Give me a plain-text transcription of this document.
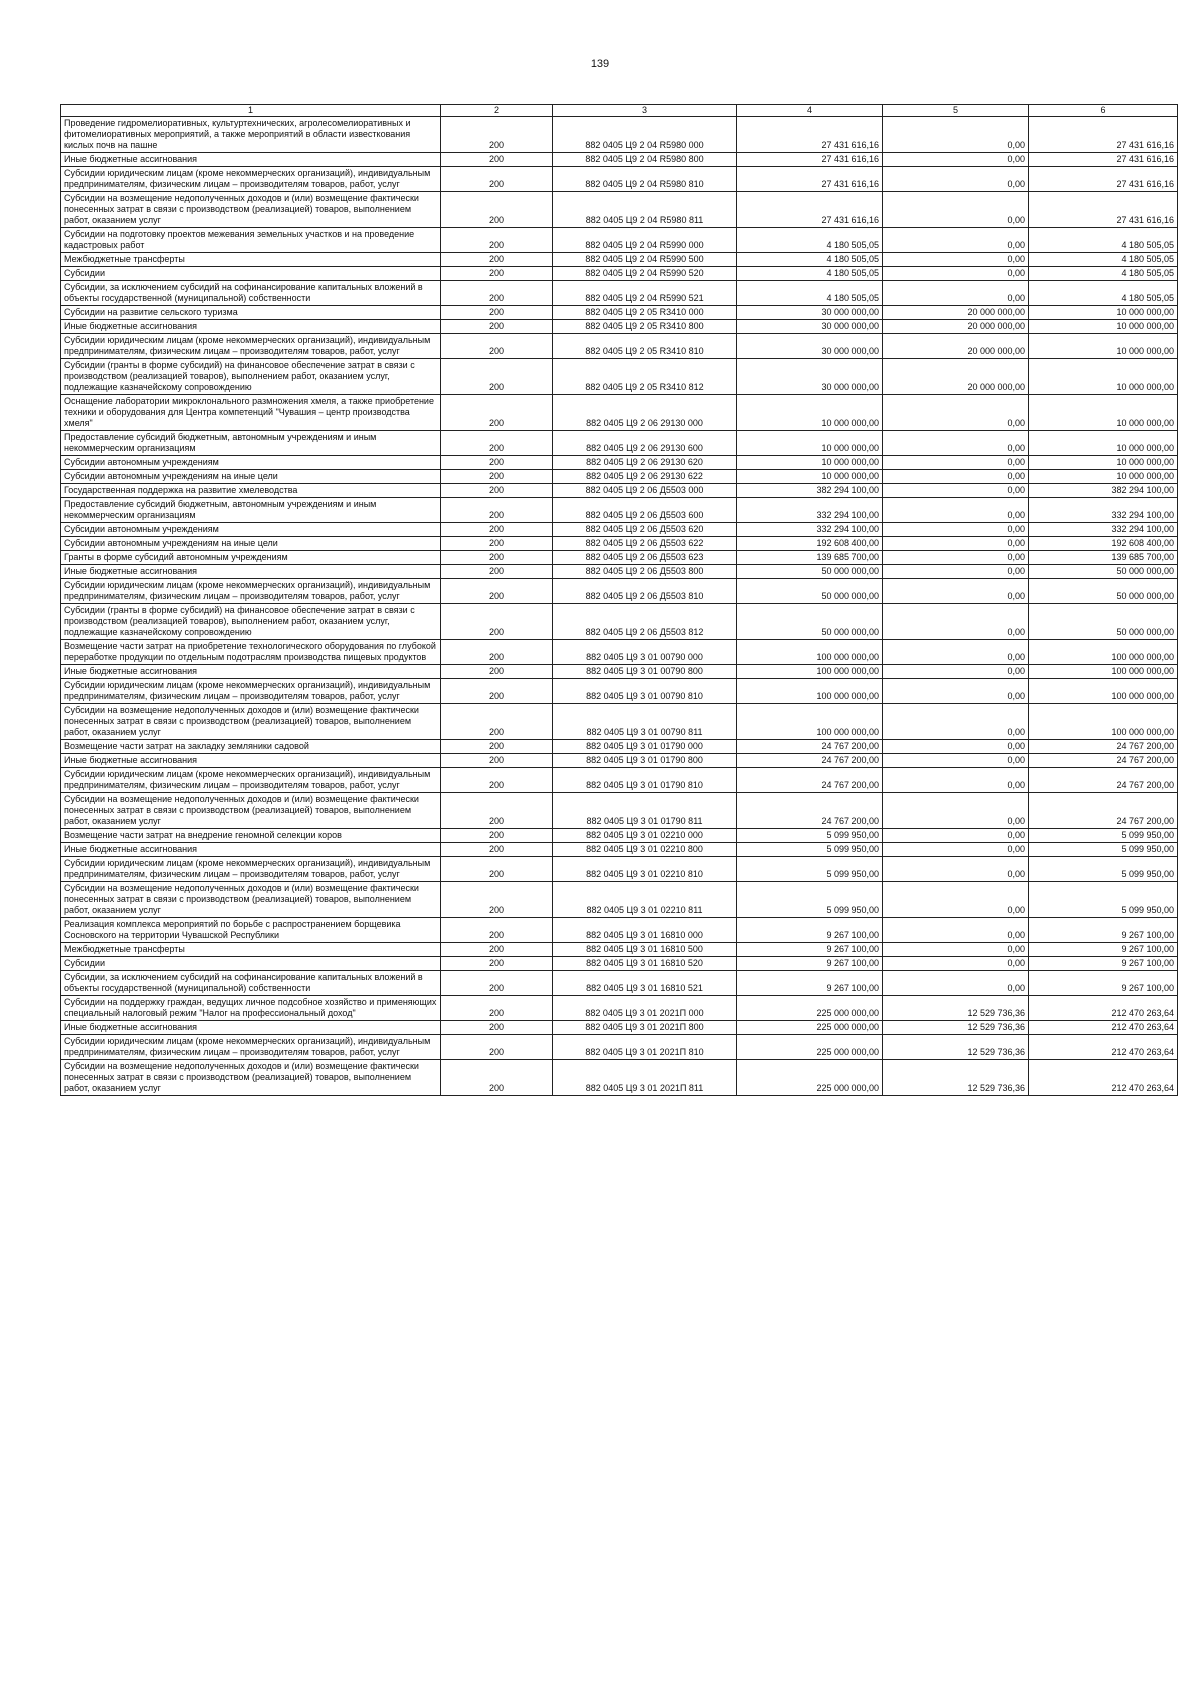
139
1	2	3	4	5	6
Проведение гидромелиоративных, культуртехнических, агролесомелиоративных и фитомелиоративных мероприятий, а также мероприятий в области известкования кислых почв на пашне	200	882 0405 Ц9 2 04 R5980 000	27 431 616,16	0,00	27 431 616,16
Иные бюджетные ассигнования	200	882 0405 Ц9 2 04 R5980 800	27 431 616,16	0,00	27 431 616,16
Субсидии юридическим лицам (кроме некоммерческих организаций), индивидуальным предпринимателям, физическим лицам – производителям товаров, работ, услуг	200	882 0405 Ц9 2 04 R5980 810	27 431 616,16	0,00	27 431 616,16
Субсидии на возмещение недополученных доходов и (или) возмещение фактически понесенных затрат в связи с производством (реализацией) товаров, выполнением работ, оказанием услуг	200	882 0405 Ц9 2 04 R5980 811	27 431 616,16	0,00	27 431 616,16
Субсидии на подготовку проектов межевания земельных участков и на проведение кадастровых работ	200	882 0405 Ц9 2 04 R5990 000	4 180 505,05	0,00	4 180 505,05
Межбюджетные трансферты	200	882 0405 Ц9 2 04 R5990 500	4 180 505,05	0,00	4 180 505,05
Субсидии	200	882 0405 Ц9 2 04 R5990 520	4 180 505,05	0,00	4 180 505,05
Субсидии, за исключением субсидий на софинансирование капитальных вложений в объекты государственной (муниципальной) собственности	200	882 0405 Ц9 2 04 R5990 521	4 180 505,05	0,00	4 180 505,05
Субсидии на развитие сельского туризма	200	882 0405 Ц9 2 05 R3410 000	30 000 000,00	20 000 000,00	10 000 000,00
Иные бюджетные ассигнования	200	882 0405 Ц9 2 05 R3410 800	30 000 000,00	20 000 000,00	10 000 000,00
Субсидии юридическим лицам (кроме некоммерческих организаций), индивидуальным предпринимателям, физическим лицам – производителям товаров, работ, услуг	200	882 0405 Ц9 2 05 R3410 810	30 000 000,00	20 000 000,00	10 000 000,00
Субсидии (гранты в форме субсидий) на финансовое обеспечение затрат в связи с производством (реализацией товаров), выполнением работ, оказанием услуг, подлежащие казначейскому сопровождению	200	882 0405 Ц9 2 05 R3410 812	30 000 000,00	20 000 000,00	10 000 000,00
Оснащение лаборатории микроклонального размножения хмеля, а также приобретение техники и оборудования для Центра компетенций "Чувашия – центр производства хмеля"	200	882 0405 Ц9 2 06 29130 000	10 000 000,00	0,00	10 000 000,00
Предоставление субсидий бюджетным, автономным учреждениям и иным некоммерческим организациям	200	882 0405 Ц9 2 06 29130 600	10 000 000,00	0,00	10 000 000,00
Субсидии автономным учреждениям	200	882 0405 Ц9 2 06 29130 620	10 000 000,00	0,00	10 000 000,00
Субсидии автономным учреждениям на иные цели	200	882 0405 Ц9 2 06 29130 622	10 000 000,00	0,00	10 000 000,00
Государственная поддержка на развитие хмелеводства	200	882 0405 Ц9 2 06 Д5503 000	382 294 100,00	0,00	382 294 100,00
Предоставление субсидий бюджетным, автономным учреждениям и иным некоммерческим организациям	200	882 0405 Ц9 2 06 Д5503 600	332 294 100,00	0,00	332 294 100,00
Субсидии автономным учреждениям	200	882 0405 Ц9 2 06 Д5503 620	332 294 100,00	0,00	332 294 100,00
Субсидии автономным учреждениям на иные цели	200	882 0405 Ц9 2 06 Д5503 622	192 608 400,00	0,00	192 608 400,00
Гранты в форме субсидий автономным учреждениям	200	882 0405 Ц9 2 06 Д5503 623	139 685 700,00	0,00	139 685 700,00
Иные бюджетные ассигнования	200	882 0405 Ц9 2 06 Д5503 800	50 000 000,00	0,00	50 000 000,00
Субсидии юридическим лицам (кроме некоммерческих организаций), индивидуальным предпринимателям, физическим лицам – производителям товаров, работ, услуг	200	882 0405 Ц9 2 06 Д5503 810	50 000 000,00	0,00	50 000 000,00
Субсидии (гранты в форме субсидий) на финансовое обеспечение затрат в связи с производством (реализацией товаров), выполнением работ, оказанием услуг, подлежащие казначейскому сопровождению	200	882 0405 Ц9 2 06 Д5503 812	50 000 000,00	0,00	50 000 000,00
Возмещение части затрат на приобретение технологического оборудования по глубокой переработке продукции по отдельным подотраслям производства пищевых продуктов	200	882 0405 Ц9 3 01 00790 000	100 000 000,00	0,00	100 000 000,00
Иные бюджетные ассигнования	200	882 0405 Ц9 3 01 00790 800	100 000 000,00	0,00	100 000 000,00
Субсидии юридическим лицам (кроме некоммерческих организаций), индивидуальным предпринимателям, физическим лицам – производителям товаров, работ, услуг	200	882 0405 Ц9 3 01 00790 810	100 000 000,00	0,00	100 000 000,00
Субсидии на возмещение недополученных доходов и (или) возмещение фактически понесенных затрат в связи с производством (реализацией) товаров, выполнением работ, оказанием услуг	200	882 0405 Ц9 3 01 00790 811	100 000 000,00	0,00	100 000 000,00
Возмещение части затрат на закладку земляники садовой	200	882 0405 Ц9 3 01 01790 000	24 767 200,00	0,00	24 767 200,00
Иные бюджетные ассигнования	200	882 0405 Ц9 3 01 01790 800	24 767 200,00	0,00	24 767 200,00
Субсидии юридическим лицам (кроме некоммерческих организаций), индивидуальным предпринимателям, физическим лицам – производителям товаров, работ, услуг	200	882 0405 Ц9 3 01 01790 810	24 767 200,00	0,00	24 767 200,00
Субсидии на возмещение недополученных доходов и (или) возмещение фактически понесенных затрат в связи с производством (реализацией) товаров, выполнением работ, оказанием услуг	200	882 0405 Ц9 3 01 01790 811	24 767 200,00	0,00	24 767 200,00
Возмещение части затрат на внедрение геномной селекции коров	200	882 0405 Ц9 3 01 02210 000	5 099 950,00	0,00	5 099 950,00
Иные бюджетные ассигнования	200	882 0405 Ц9 3 01 02210 800	5 099 950,00	0,00	5 099 950,00
Субсидии юридическим лицам (кроме некоммерческих организаций), индивидуальным предпринимателям, физическим лицам – производителям товаров, работ, услуг	200	882 0405 Ц9 3 01 02210 810	5 099 950,00	0,00	5 099 950,00
Субсидии на возмещение недополученных доходов и (или) возмещение фактически понесенных затрат в связи с производством (реализацией) товаров, выполнением работ, оказанием услуг	200	882 0405 Ц9 3 01 02210 811	5 099 950,00	0,00	5 099 950,00
Реализация комплекса мероприятий по борьбе с распространением борщевика Сосновского на территории Чувашской Республики	200	882 0405 Ц9 3 01 16810 000	9 267 100,00	0,00	9 267 100,00
Межбюджетные трансферты	200	882 0405 Ц9 3 01 16810 500	9 267 100,00	0,00	9 267 100,00
Субсидии	200	882 0405 Ц9 3 01 16810 520	9 267 100,00	0,00	9 267 100,00
Субсидии, за исключением субсидий на софинансирование капитальных вложений в объекты государственной (муниципальной) собственности	200	882 0405 Ц9 3 01 16810 521	9 267 100,00	0,00	9 267 100,00
Субсидии на поддержку граждан, ведущих личное подсобное хозяйство и применяющих специальный налоговый режим "Налог на профессиональный доход"	200	882 0405 Ц9 3 01 2021П 000	225 000 000,00	12 529 736,36	212 470 263,64
Иные бюджетные ассигнования	200	882 0405 Ц9 3 01 2021П 800	225 000 000,00	12 529 736,36	212 470 263,64
Субсидии юридическим лицам (кроме некоммерческих организаций), индивидуальным предпринимателям, физическим лицам – производителям товаров, работ, услуг	200	882 0405 Ц9 3 01 2021П 810	225 000 000,00	12 529 736,36	212 470 263,64
Субсидии на возмещение недополученных доходов и (или) возмещение фактически понесенных затрат в связи с производством (реализацией) товаров, выполнением работ, оказанием услуг	200	882 0405 Ц9 3 01 2021П 811	225 000 000,00	12 529 736,36	212 470 263,64
